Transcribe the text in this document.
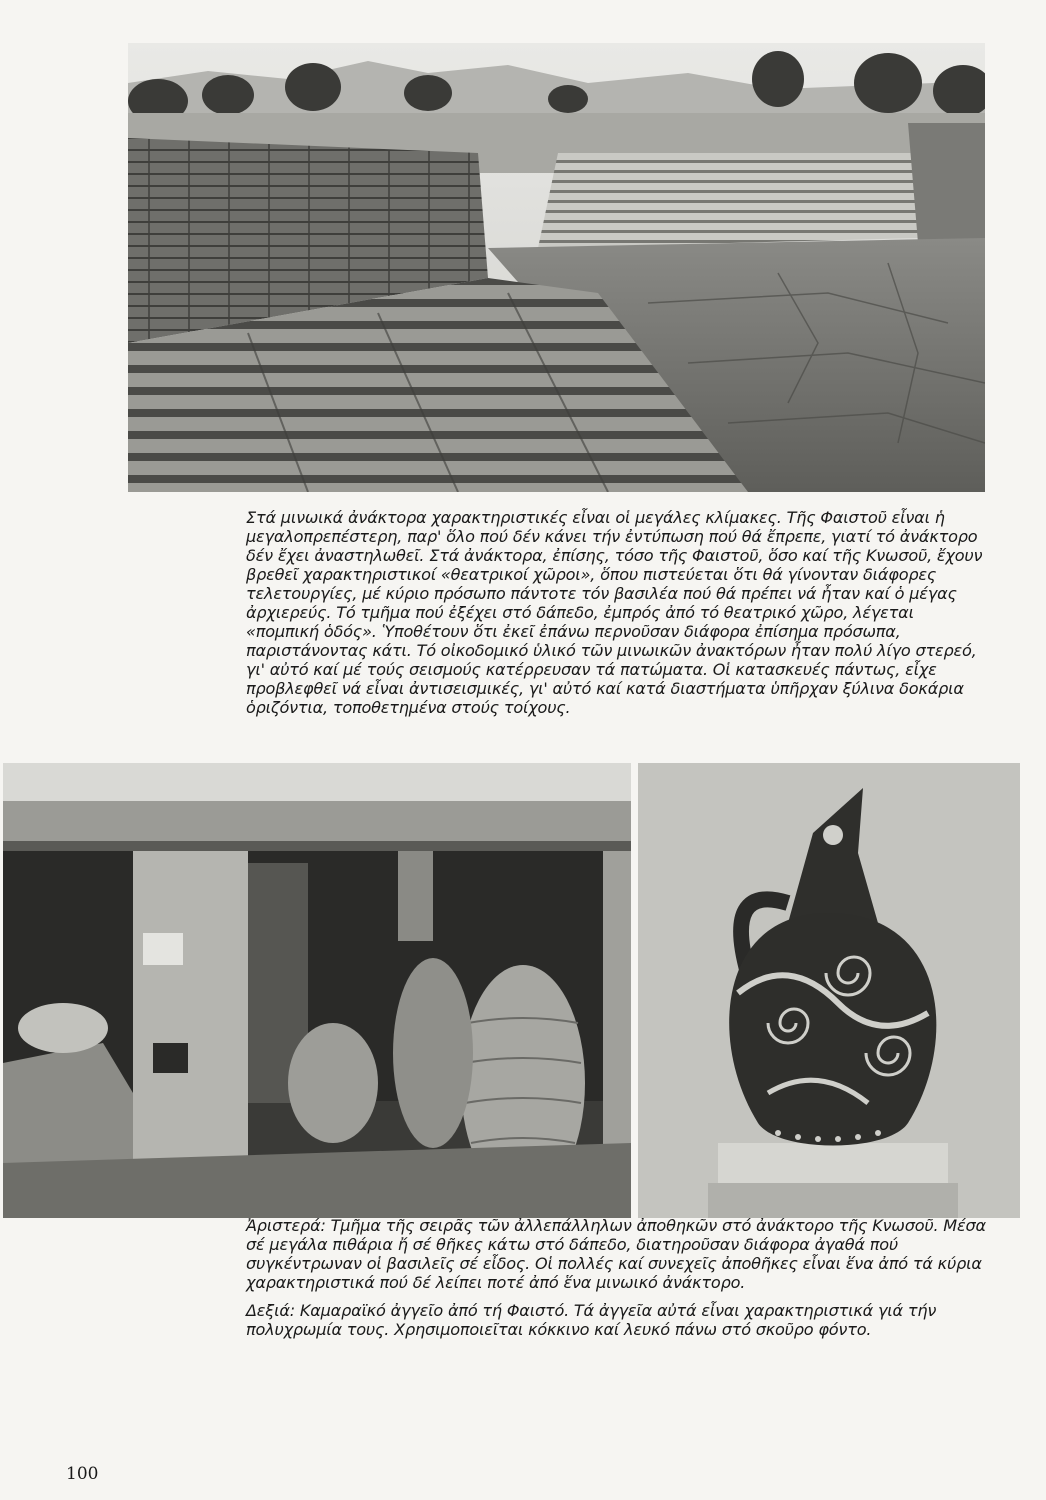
Στά μινωικά ἀνάκτορα χαρακτηριστικές εἶναι οἱ μεγάλες κλίμακες. Τῆς Φαιστοῦ εἶναι ἡ μεγαλοπρεπέστερη, παρ' ὅλο πού δέν κάνει τήν ἐντύπωση πού θά ἔπρεπε, γιατί τό ἀνάκτορο δέν ἔχει ἀναστηλωθεῖ. Στά ἀνάκτορα, ἐπίσης, τόσο τῆς Φαιστοῦ, ὅσο καί τῆς Κνωσοῦ, ἔχουν βρεθεῖ χαρακτηριστικοί «θεατρικοί χῶροι», ὅπου πιστεύεται ὅτι θά γίνονταν διάφορες τελετουργίες, μέ κύριο πρόσωπο πάντοτε τόν βασιλέα πού θά πρέπει νά ἦταν καί ὁ μέγας ἀρχιερεύς. Τό τμῆμα πού ἐξέχει στό δάπεδο, ἐμπρός ἀπό τό θεατρικό χῶρο, λέγεται «πομπική ὁδός». Ὑποθέτουν ὅτι ἐκεῖ ἐπάνω περνοῦσαν διάφορα ἐπίσημα πρόσωπα, παριστάνοντας κάτι. Τό οἰκοδομικό ὑλικό τῶν μινωικῶν ἀνακτόρων ἦταν πολύ λίγο στερεό, γι' αὐτό καί μέ τούς σεισμούς κατέρρευσαν τά πατώματα. Οἱ κατασκευές πάντως, εἶχε προβλεφθεῖ νά εἶναι ἀντισεισμικές, γι' αὐτό καί κατά διαστήματα ὑπῆρχαν ξύλινα δοκάρια ὁριζόντια, τοποθετημένα στούς τοίχους.

Ἀριστερά: Τμῆμα τῆς σειρᾶς τῶν ἀλλεπάλληλων ἀποθηκῶν στό ἀνάκτορο τῆς Κνωσοῦ. Μέσα σέ μεγάλα πιθάρια ἤ σέ θῆκες κάτω στό δάπεδο, διατηροῦσαν διάφορα ἀγαθά πού συγκέντρωναν οἱ βασιλεῖς σέ εἶδος. Οἱ πολλές καί συνεχεῖς ἀποθῆκες εἶναι ἕνα ἀπό τά κύρια χαρακτηριστικά πού δέ λείπει ποτέ ἀπό ἕνα μινωικό ἀνάκτορο.

Δεξιά: Καμαραϊκό ἀγγεῖο ἀπό τή Φαιστό. Τά ἀγγεῖα αὐτά εἶναι χαρακτηριστικά γιά τήν πολυχρωμία τους. Χρησιμοποιεῖται κόκκινο καί λευκό πάνω στό σκοῦρο φόντο.

100
